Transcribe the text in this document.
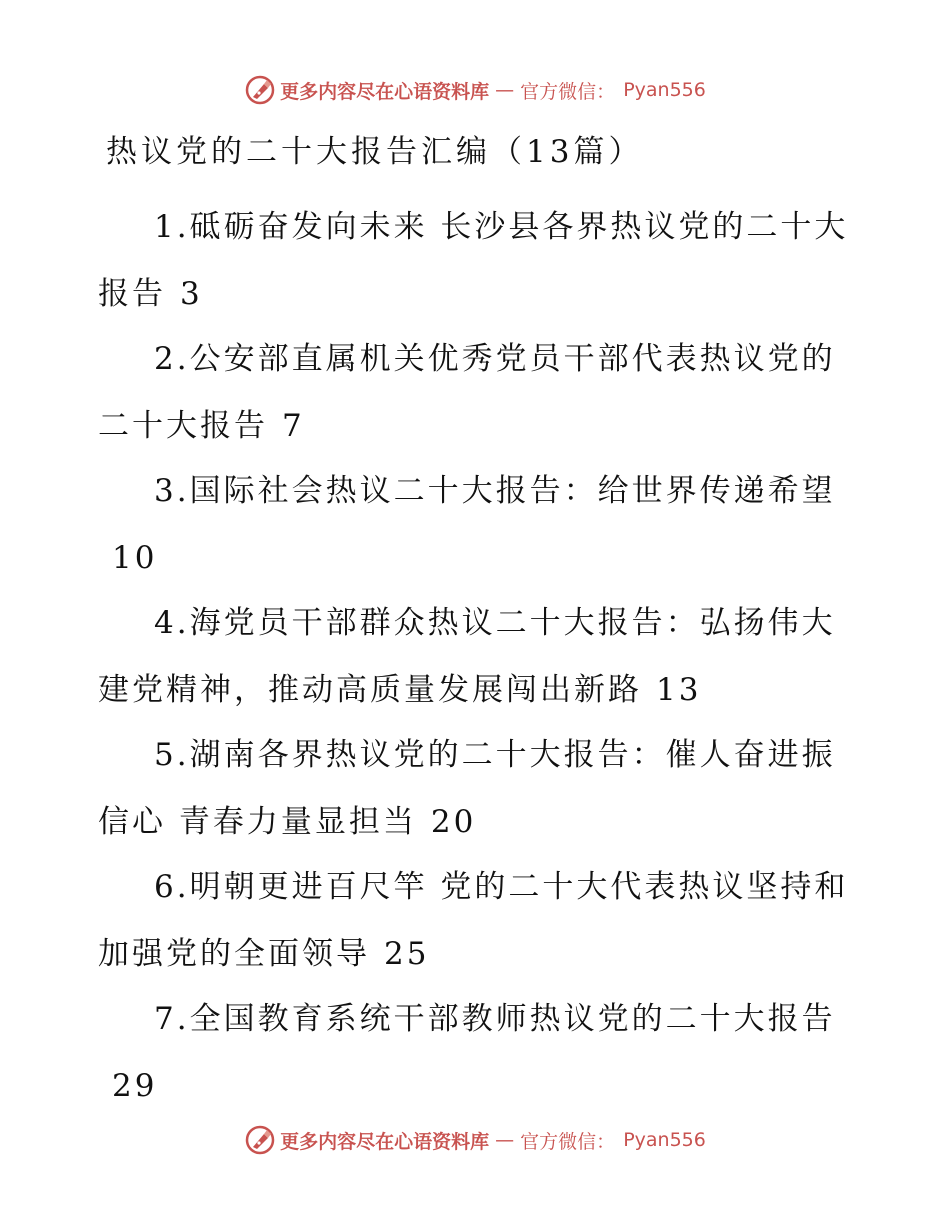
更多内容尽在心语资料库 — 官方微信： Pyan556
热议党的二十大报告汇编（13篇）
1.砥砺奋发向未来 长沙县各界热议党的二十大报告 3
2.公安部直属机关优秀党员干部代表热议党的二十大报告 7
3.国际社会热议二十大报告：给世界传递希望10
4.海党员干部群众热议二十大报告：弘扬伟大建党精神，推动高质量发展闯出新路 13
5.湖南各界热议党的二十大报告：催人奋进振信心 青春力量显担当 20
6.明朝更进百尺竿 党的二十大代表热议坚持和加强党的全面领导 25
7.全国教育系统干部教师热议党的二十大报告29
更多内容尽在心语资料库 — 官方微信： Pyan556
